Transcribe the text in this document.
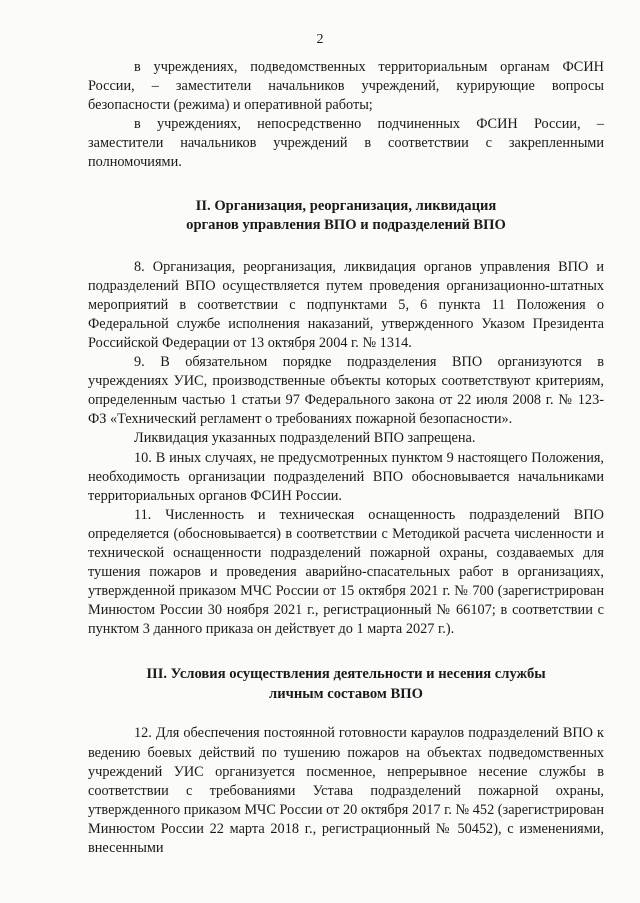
2

в учреждениях, подведомственных территориальным органам ФСИН России, – заместители начальников учреждений, курирующие вопросы безопасности (режима) и оперативной работы;

в учреждениях, непосредственно подчиненных ФСИН России, – заместители начальников учреждений в соответствии с закрепленными полномочиями.

II. Организация, реорганизация, ликвидация
органов управления ВПО и подразделений ВПО

8. Организация, реорганизация, ликвидация органов управления ВПО и подразделений ВПО осуществляется путем проведения организационно-штатных мероприятий в соответствии с подпунктами 5, 6 пункта 11 Положения о Федеральной службе исполнения наказаний, утвержденного Указом Президента Российской Федерации от 13 октября 2004 г. № 1314.

9. В обязательном порядке подразделения ВПО организуются в учреждениях УИС, производственные объекты которых соответствуют критериям, определенным частью 1 статьи 97 Федерального закона от 22 июля 2008 г. № 123-ФЗ «Технический регламент о требованиях пожарной безопасности».

Ликвидация указанных подразделений ВПО запрещена.

10. В иных случаях, не предусмотренных пунктом 9 настоящего Положения, необходимость организации подразделений ВПО обосновывается начальниками территориальных органов ФСИН России.

11. Численность и техническая оснащенность подразделений ВПО определяется (обосновывается) в соответствии с Методикой расчета численности и технической оснащенности подразделений пожарной охраны, создаваемых для тушения пожаров и проведения аварийно-спасательных работ в организациях, утвержденной приказом МЧС России от 15 октября 2021 г. № 700 (зарегистрирован Минюстом России 30 ноября 2021 г., регистрационный № 66107; в соответствии с пунктом 3 данного приказа он действует до 1 марта 2027 г.).

III. Условия осуществления деятельности и несения службы
личным составом ВПО

12. Для обеспечения постоянной готовности караулов подразделений ВПО к ведению боевых действий по тушению пожаров на объектах подведомственных учреждений УИС организуется посменное, непрерывное несение службы в соответствии с требованиями Устава подразделений пожарной охраны, утвержденного приказом МЧС России от 20 октября 2017 г. № 452 (зарегистрирован Минюстом России 22 марта 2018 г., регистрационный № 50452), с изменениями, внесенными
